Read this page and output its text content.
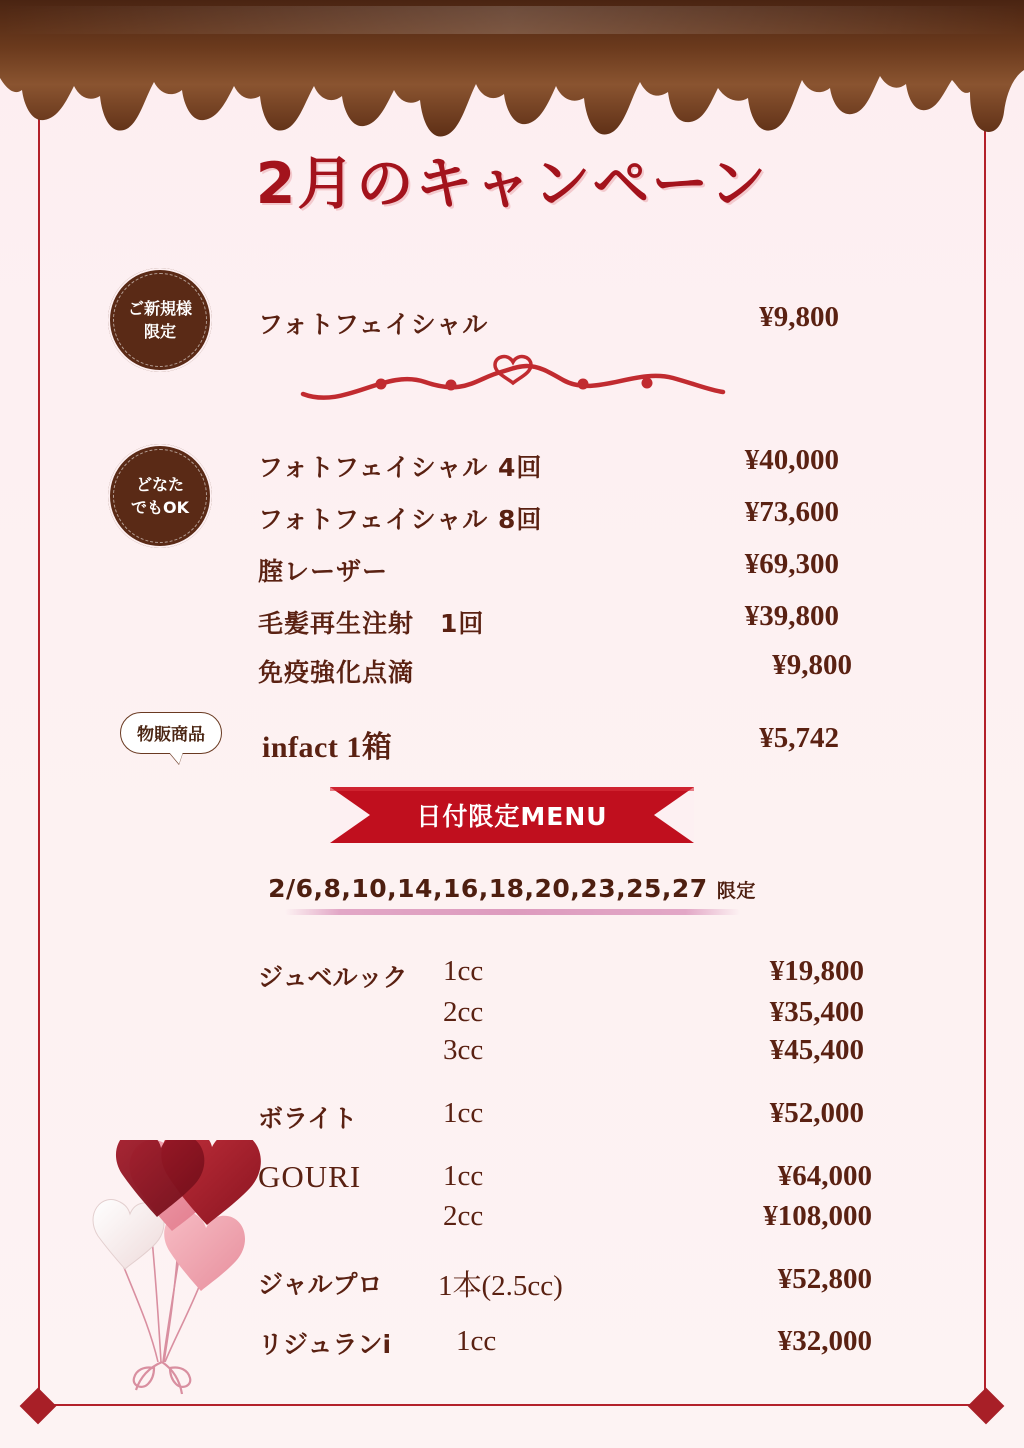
2月のキャンペーン
ご新規様
限定	フォトフェイシャル	¥9,800
どなた
でもOK
フォトフェイシャル 4回	¥40,000
フォトフェイシャル 8回	¥73,600
腟レーザー	¥69,300
毛髪再生注射　1回	¥39,800
免疫強化点滴	¥9,800
物販商品	infact 1箱	¥5,742
日付限定MENU
2/6,8,10,14,16,18,20,23,25,27 限定
ジュベルック 1cc	¥19,800
2cc	¥35,400
3cc	¥45,400
ボライト	1cc	¥52,000
GOURI	1cc	¥64,000
2cc	¥108,000
ジャルプロ 1本(2.5cc)	¥52,800
リジュランi 1cc	¥32,000
